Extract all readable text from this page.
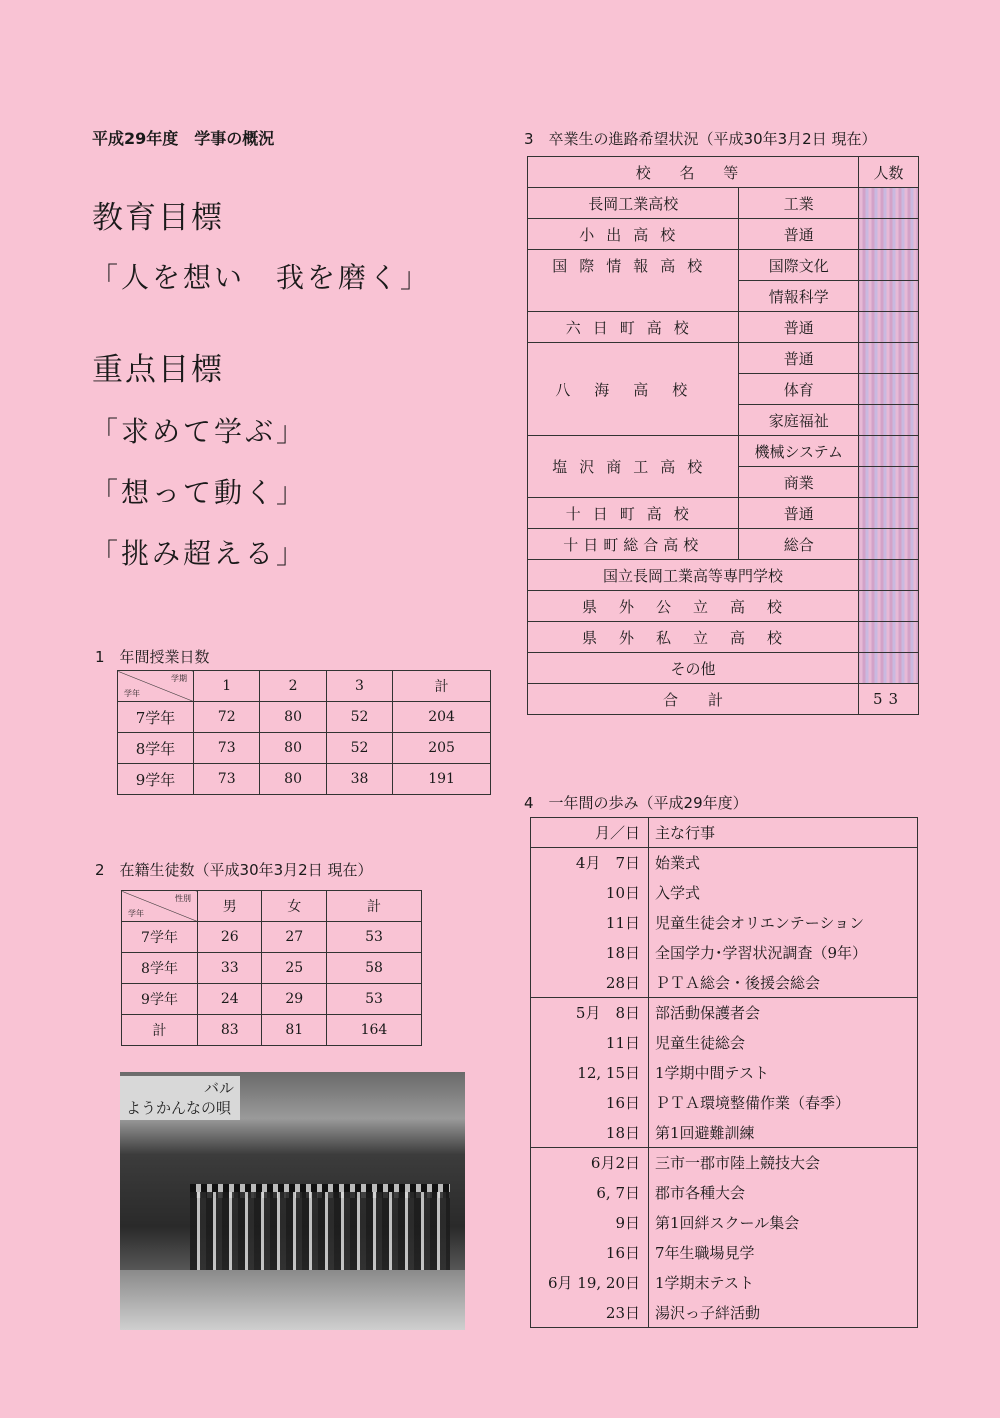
平成29年度　学事の概況
教育目標
「人を想い　我を磨く」
重点目標
「求めて学ぶ」
「想って動く」
「挑み超える」
1　年間授業日数
学期
学年	1	2	3	計
7学年	72	80	52	204
8学年	73	80	52	205
9学年	73	80	38	191
2　在籍生徒数（平成30年3月2日 現在）
性別
学年	男	女	計
7学年	26	27	53
8学年	33	25	58
9学年	24	29	53
計	83	81	164
バル
ようかんなの唄
3　卒業生の進路希望状況（平成30年3月2日 現在）
校 名 等		人数
長岡工業高校	工業	
小出高校	普通	
国際情報高校	国際文化	
	情報科学	
六日町高校	普通	
八海高校	普通	
	体育	
	家庭福祉	
塩沢商工高校	機械システム	
	商業	
十日町高校	普通	
十日町総合高校	総合	
国立長岡工業高等専門学校		
県外公立高校		
県外私立高校		
その他		
合　　計		53
4　一年間の歩み（平成29年度）
月／日	主な行事
4月　7日	始業式
10日	入学式
11日	児童生徒会オリエンテーション
18日	全国学力･学習状況調査（9年）
28日	ＰＴＡ総会・後援会総会
5月　8日	部活動保護者会
11日	児童生徒総会
12, 15日	1学期中間テスト
16日	ＰＴＡ環境整備作業（春季）
18日	第1回避難訓練
6月2日	三市一郡市陸上競技大会
6, 7日	郡市各種大会
9日	第1回絆スクール集会
16日	7年生職場見学
6月 19, 20日	1学期末テスト
23日	湯沢っ子絆活動
